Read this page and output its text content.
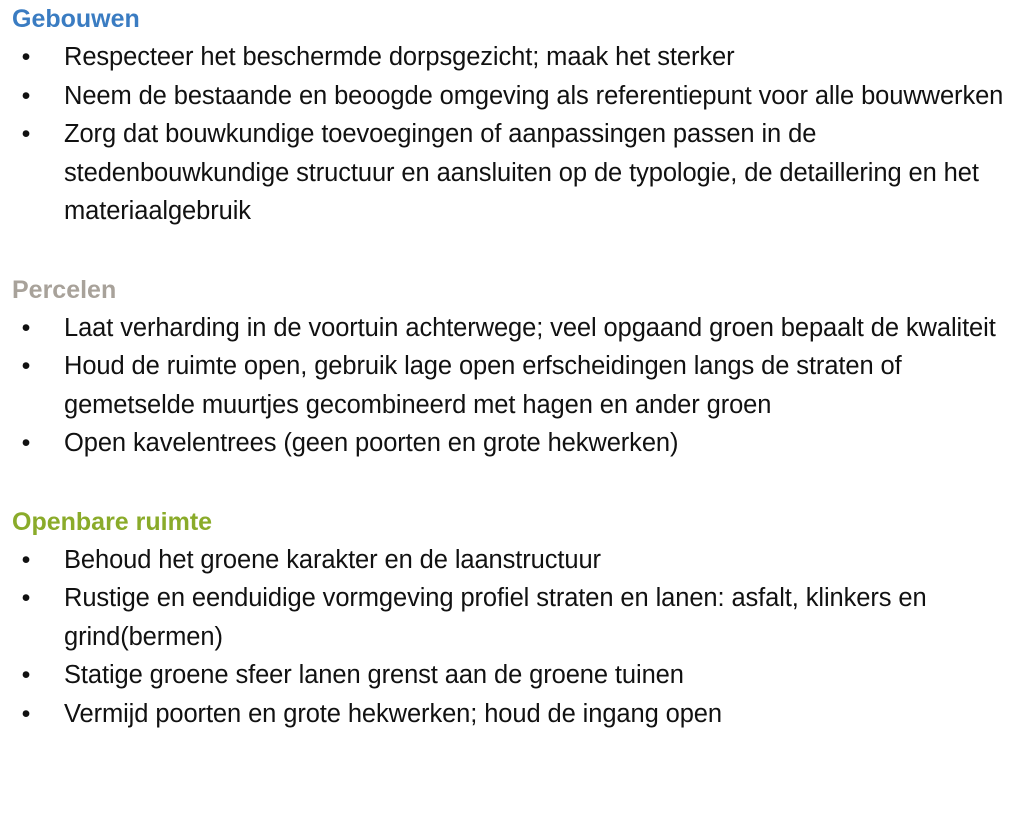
Gebouwen
• Respecteer het beschermde dorpsgezicht; maak het sterker
• Neem de bestaande en beoogde omgeving als referentiepunt voor alle bouwwerken
• Zorg dat bouwkundige toevoegingen of aanpassingen passen in de stedenbouwkundige structuur en aansluiten op de typologie, de detaillering en het materiaalgebruik
Percelen
• Laat verharding in de voortuin achterwege; veel opgaand groen bepaalt de kwaliteit
• Houd de ruimte open, gebruik lage open erfscheidingen langs de straten of gemetselde muurtjes gecombineerd met hagen en ander groen
• Open kavelentrees (geen poorten en grote hekwerken)
Openbare ruimte
• Behoud het groene karakter en de laanstructuur
• Rustige en eenduidige vormgeving profiel straten en lanen: asfalt, klinkers en grind(bermen)
• Statige groene sfeer lanen grenst aan de groene tuinen
• Vermijd poorten en grote hekwerken; houd de ingang open
